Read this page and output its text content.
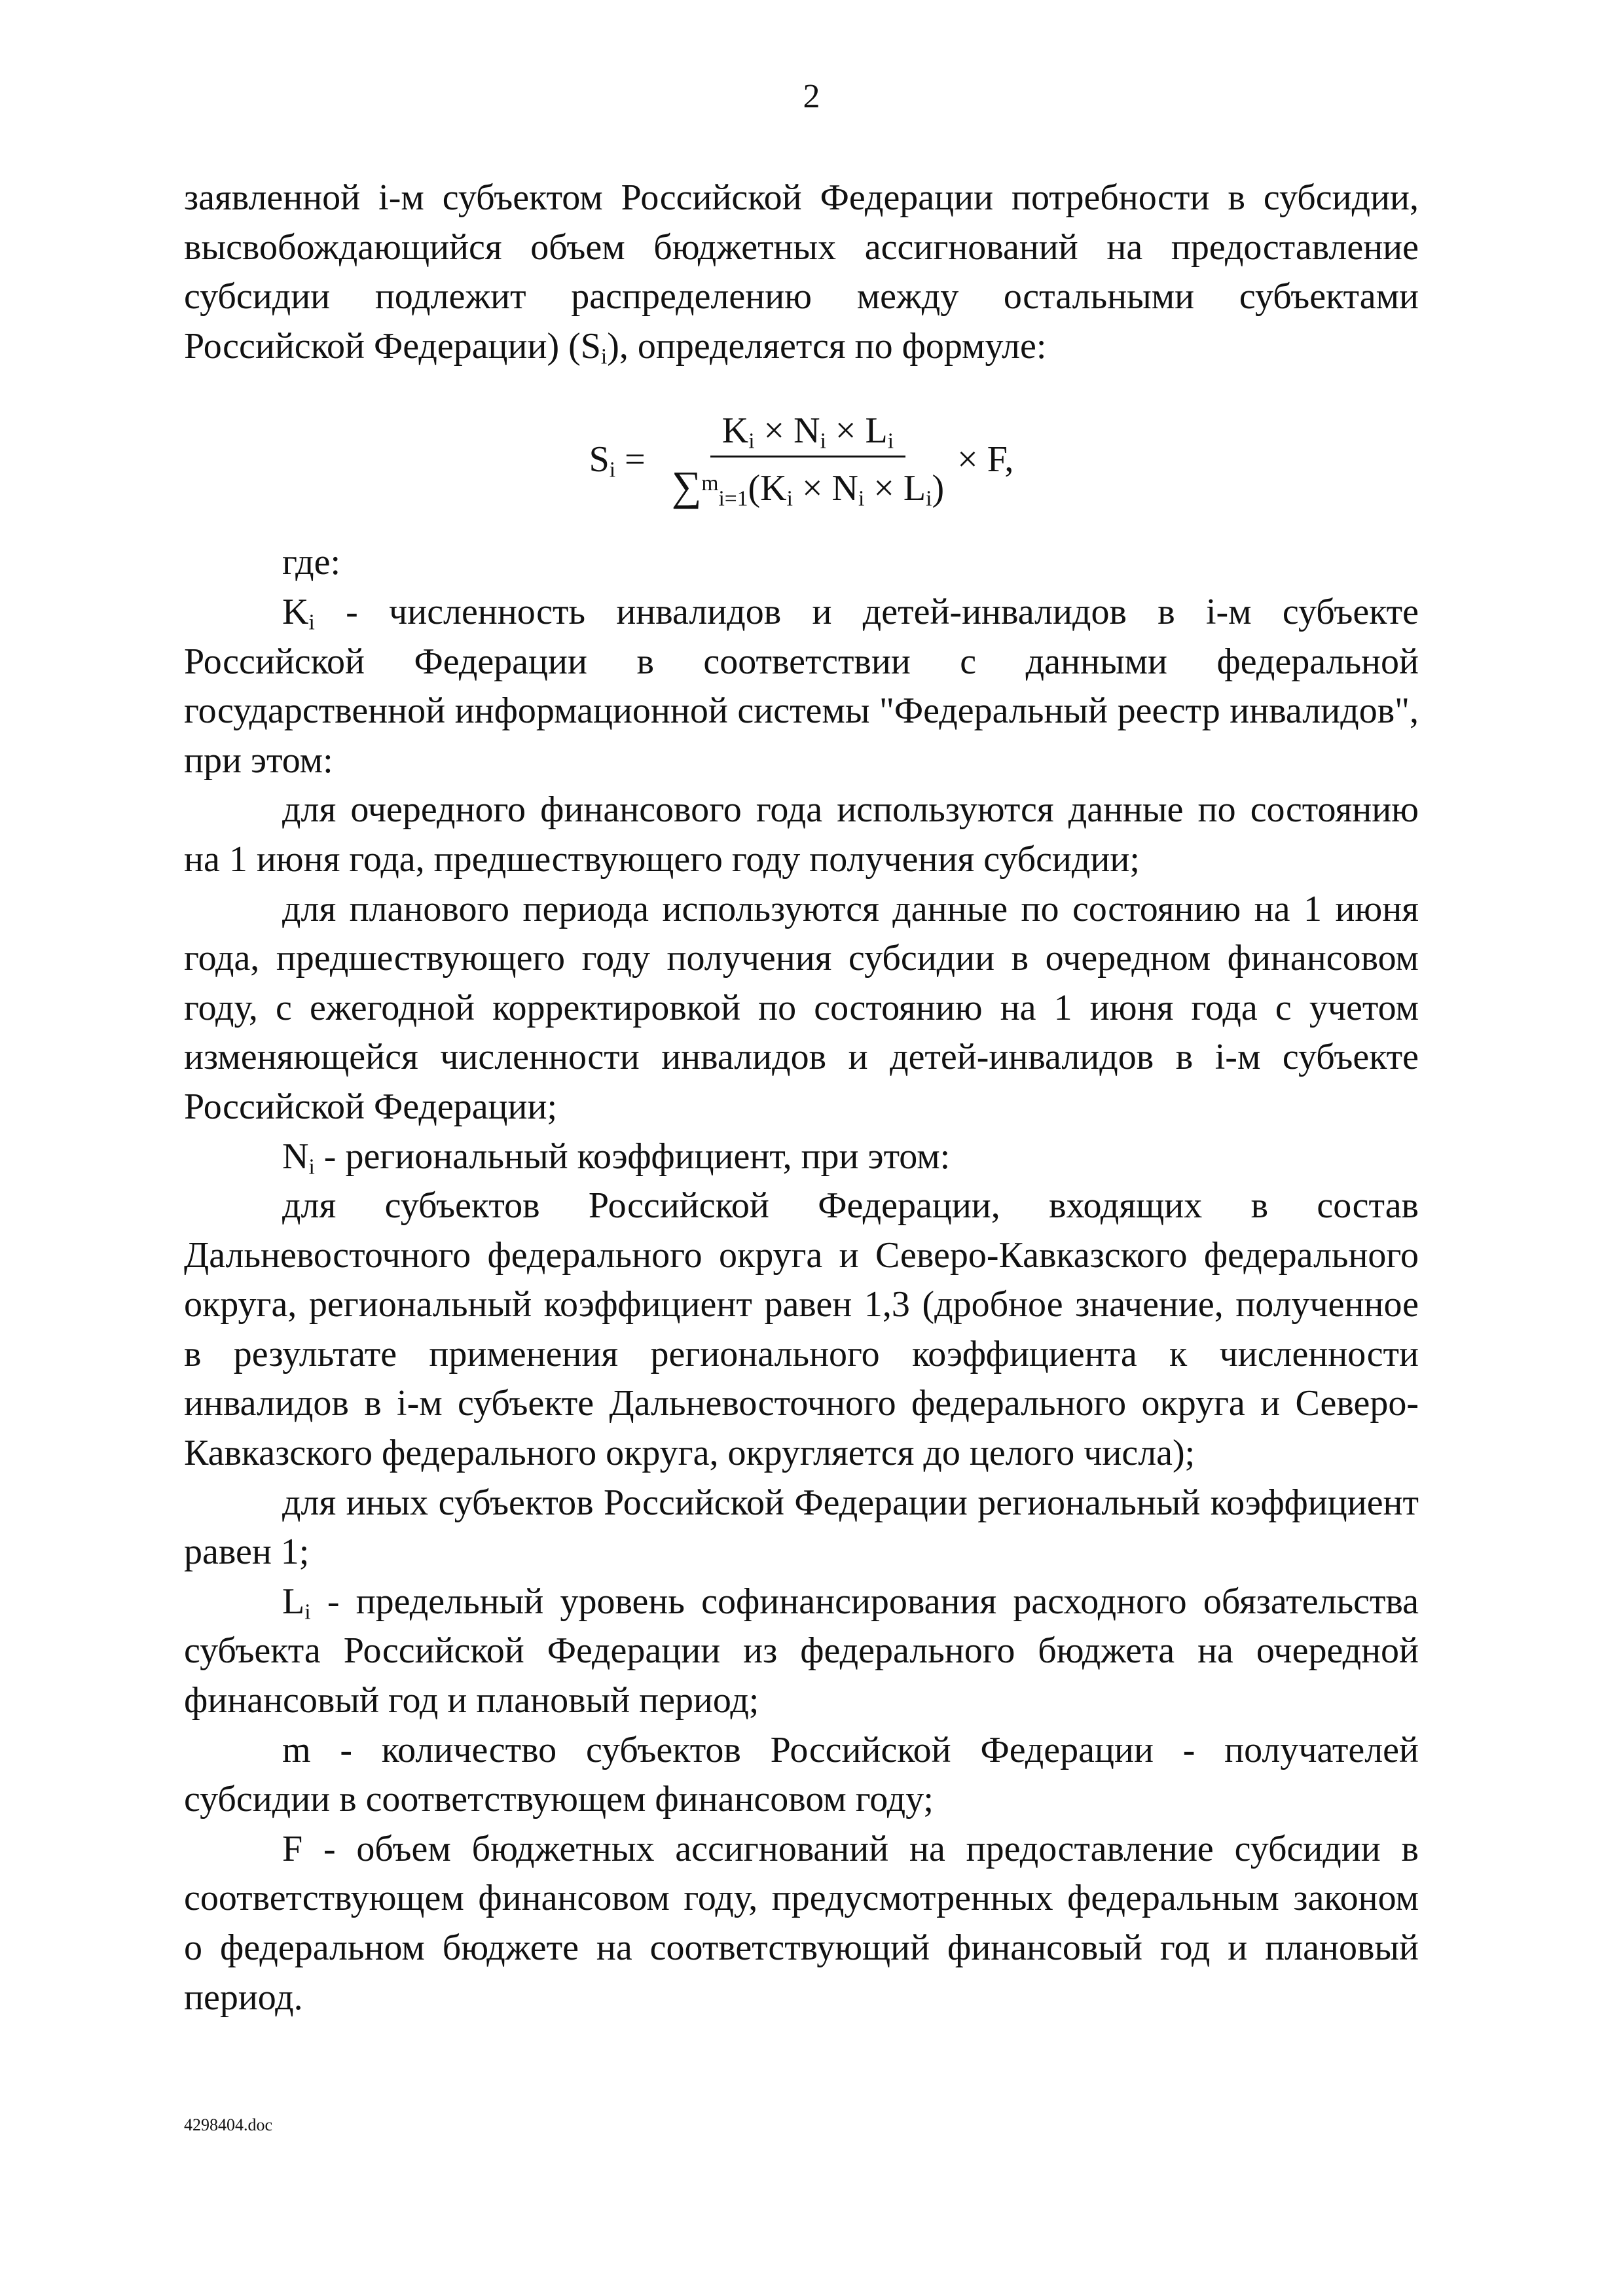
2

заявленной i-м субъектом Российской Федерации потребности в субсидии, высвобождающийся объем бюджетных ассигнований на предоставление субсидии подлежит распределению между остальными субъектами Российской Федерации) $(S_i)$, определяется по формуле:

$S_i = \frac{K_i \times N_i \times L_i}{\sum^m_{i=1}(K_i \times N_i \times L_i)} \times F$,

где:

$K_i$ - численность инвалидов и детей-инвалидов в i-м субъекте Российской Федерации в соответствии с данными федеральной государственной информационной системы "Федеральный реестр инвалидов", при этом:

для очередного финансового года используются данные по состоянию на 1 июня года, предшествующего году получения субсидии;

для планового периода используются данные по состоянию на 1 июня года, предшествующего году получения субсидии в очередном финансовом году, с ежегодной корректировкой по состоянию на 1 июня года с учетом изменяющейся численности инвалидов и детей-инвалидов в i-м субъекте Российской Федерации;

$N_i$ - региональный коэффициент, при этом:

для субъектов Российской Федерации, входящих в состав Дальневосточного федерального округа и Северо-Кавказского федерального округа, региональный коэффициент равен 1,3 (дробное значение, полученное в результате применения регионального коэффициента к численности инвалидов в i-м субъекте Дальневосточного федерального округа и Северо-Кавказского федерального округа, округляется до целого числа);

для иных субъектов Российской Федерации региональный коэффициент равен 1;

$L_i$ - предельный уровень софинансирования расходного обязательства субъекта Российской Федерации из федерального бюджета на очередной финансовый год и плановый период;

m - количество субъектов Российской Федерации - получателей субсидии в соответствующем финансовом году;

F - объем бюджетных ассигнований на предоставление субсидии в соответствующем финансовом году, предусмотренных федеральным законом о федеральном бюджете на соответствующий финансовый год и плановый период.

4298404.doc
